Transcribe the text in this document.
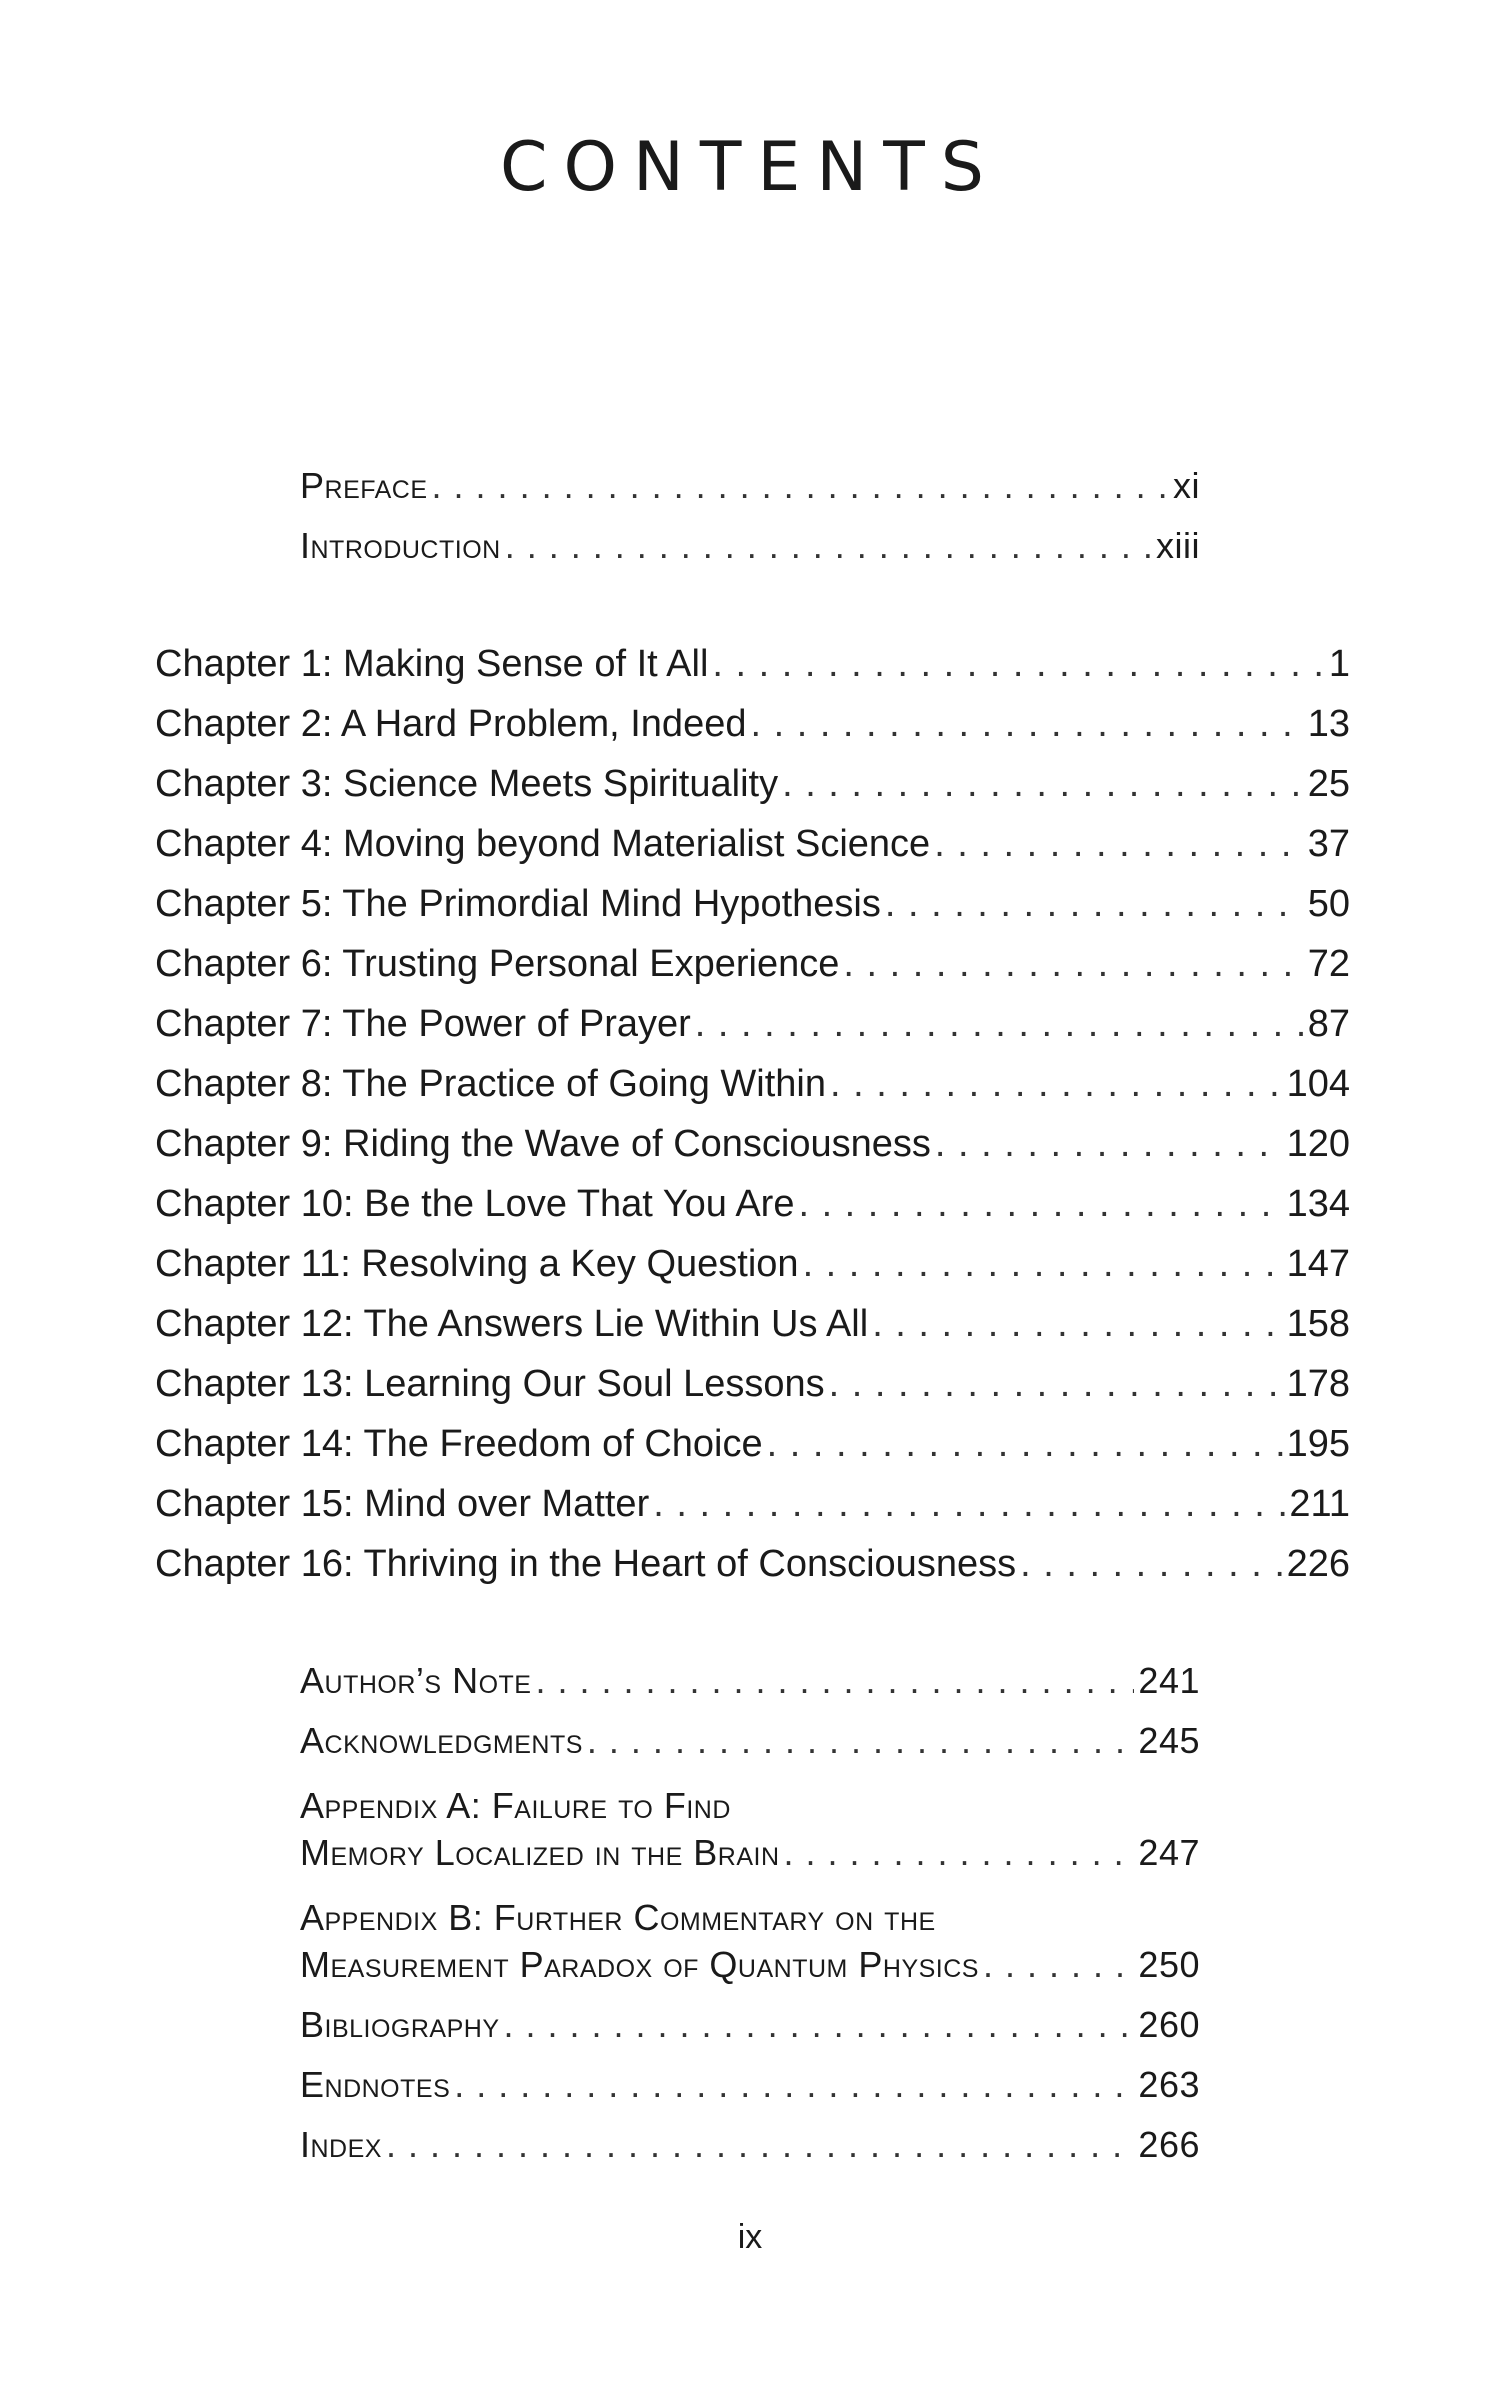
CONTENTS
Preface . . .	xi
Introduction . . .	xiii
Chapter 1: Making Sense of It All . . .	1
Chapter 2: A Hard Problem, Indeed . . .	13
Chapter 3: Science Meets Spirituality . . .	25
Chapter 4: Moving beyond Materialist Science . . .	37
Chapter 5: The Primordial Mind Hypothesis . . .	50
Chapter 6: Trusting Personal Experience . . .	72
Chapter 7: The Power of Prayer . . .	87
Chapter 8: The Practice of Going Within . . .	104
Chapter 9: Riding the Wave of Consciousness . . .	120
Chapter 10: Be the Love That You Are . . .	134
Chapter 11: Resolving a Key Question . . .	147
Chapter 12: The Answers Lie Within Us All . . .	158
Chapter 13: Learning Our Soul Lessons . . .	178
Chapter 14: The Freedom of Choice . . .	195
Chapter 15: Mind over Matter . . .	211
Chapter 16: Thriving in the Heart of Consciousness . . .	226
Author’s Note . . .	241
Acknowledgments . . .	245
Appendix A: Failure to Find
Memory Localized in the Brain . . .	247
Appendix B: Further Commentary on the
Measurement Paradox of Quantum Physics . . .	250
Bibliography . . .	260
Endnotes . . .	263
Index . . .	266
ix
